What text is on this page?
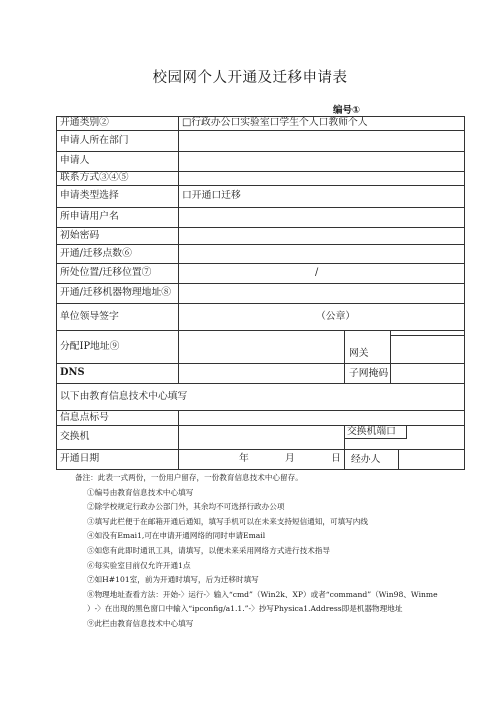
校园网个人开通及迁移申请表
编号①
开通类别②	□行政办公口实验室口学生个人口教师个人	
申请人所在部门		
申请人		
联系方式③④⑤		
申请类型选择	口开通口迁移	
所申请用户名		
初始密码		
开通/迁移点数⑥		
所处位置/迁移位置⑦	/	
开通/迁移机器物理地址⑧		
单位领导签字	（公章）	
分配IP地址⑨		网关

DNS		子网掩码

以下由教育信息技术中心填写		
信息点标号		
交换机		交换机端口

开通日期	年 月 日	经办人
备注：此表一式两份，一份用户留存，一份教育信息技术中心留存。
①编号由教育信息技术中心填写
②除学校规定行政办公部门外，其余均不可选择行政办公项
③填写此栏便于在邮箱开通后通知，填写手机可以在未来支持短信通知，可填写内线
④如没有Emai1,可在申请开通网络的同时申请Email
⑤如您有此即时通讯工具，请填写，以便未来采用网络方式进行技术指导
⑥每实验室目前仅允许开通1点
⑦如H#101室，前为开通时填写，后为迁移时填写
⑧物理地址查看方法：开始-〉运行-〉输入“cmd”（Win2k、XP）或者“command”（Win98、Winme
）-〉在出现的黑色窗口中输入“ipconfig/a1.1.”-〉抄写Physica1.Address即是机器物理地址
⑨此栏由教育信息技术中心填写
